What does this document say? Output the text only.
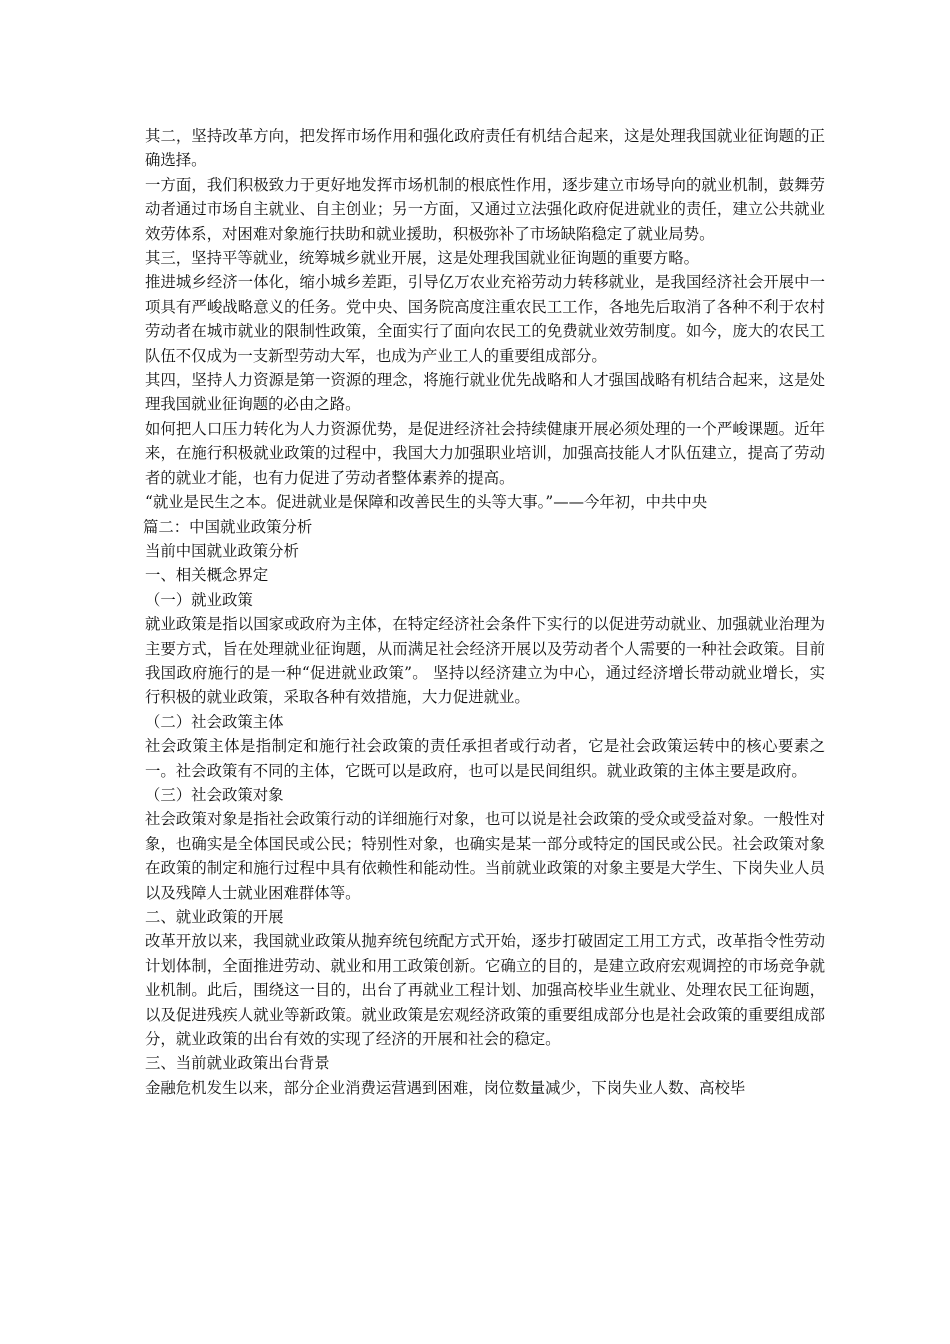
其二，坚持改革方向，把发挥市场作用和强化政府责任有机结合起来，这是处理我国就业征询题的正确选择。

一方面，我们积极致力于更好地发挥市场机制的根底性作用，逐步建立市场导向的就业机制，鼓舞劳动者通过市场自主就业、自主创业；另一方面，又通过立法强化政府促进就业的责任，建立公共就业效劳体系，对困难对象施行扶助和就业援助，积极弥补了市场缺陷稳定了就业局势。

其三，坚持平等就业，统筹城乡就业开展，这是处理我国就业征询题的重要方略。

推进城乡经济一体化，缩小城乡差距，引导亿万农业充裕劳动力转移就业，是我国经济社会开展中一项具有严峻战略意义的任务。党中央、国务院高度注重农民工工作，各地先后取消了各种不利于农村劳动者在城市就业的限制性政策，全面实行了面向农民工的免费就业效劳制度。如今，庞大的农民工队伍不仅成为一支新型劳动大军，也成为产业工人的重要组成部分。

其四，坚持人力资源是第一资源的理念，将施行就业优先战略和人才强国战略有机结合起来，这是处理我国就业征询题的必由之路。

如何把人口压力转化为人力资源优势，是促进经济社会持续健康开展必须处理的一个严峻课题。近年来，在施行积极就业政策的过程中，我国大力加强职业培训，加强高技能人才队伍建立，提高了劳动者的就业才能，也有力促进了劳动者整体素养的提高。

“就业是民生之本。促进就业是保障和改善民生的头等大事。”——今年初，中共中央

篇二：中国就业政策分析

当前中国就业政策分析

一、相关概念界定

（一）就业政策

就业政策是指以国家或政府为主体，在特定经济社会条件下实行的以促进劳动就业、加强就业治理为主要方式，旨在处理就业征询题，从而满足社会经济开展以及劳动者个人需要的一种社会政策。目前我国政府施行的是一种“促进就业政策”。 坚持以经济建立为中心，通过经济增长带动就业增长，实行积极的就业政策，采取各种有效措施，大力促进就业。

（二）社会政策主体

社会政策主体是指制定和施行社会政策的责任承担者或行动者，它是社会政策运转中的核心要素之一。社会政策有不同的主体，它既可以是政府，也可以是民间组织。就业政策的主体主要是政府。

（三）社会政策对象

社会政策对象是指社会政策行动的详细施行对象，也可以说是社会政策的受众或受益对象。一般性对象，也确实是全体国民或公民；特别性对象，也确实是某一部分或特定的国民或公民。社会政策对象在政策的制定和施行过程中具有依赖性和能动性。当前就业政策的对象主要是大学生、下岗失业人员以及残障人士就业困难群体等。

二、就业政策的开展

改革开放以来，我国就业政策从抛弃统包统配方式开始，逐步打破固定工用工方式，改革指令性劳动计划体制，全面推进劳动、就业和用工政策创新。它确立的目的，是建立政府宏观调控的市场竞争就业机制。此后，围绕这一目的，出台了再就业工程计划、加强高校毕业生就业、处理农民工征询题，以及促进残疾人就业等新政策。就业政策是宏观经济政策的重要组成部分也是社会政策的重要组成部分，就业政策的出台有效的实现了经济的开展和社会的稳定。

三、当前就业政策出台背景

金融危机发生以来，部分企业消费运营遇到困难，岗位数量减少，下岗失业人数、高校毕
